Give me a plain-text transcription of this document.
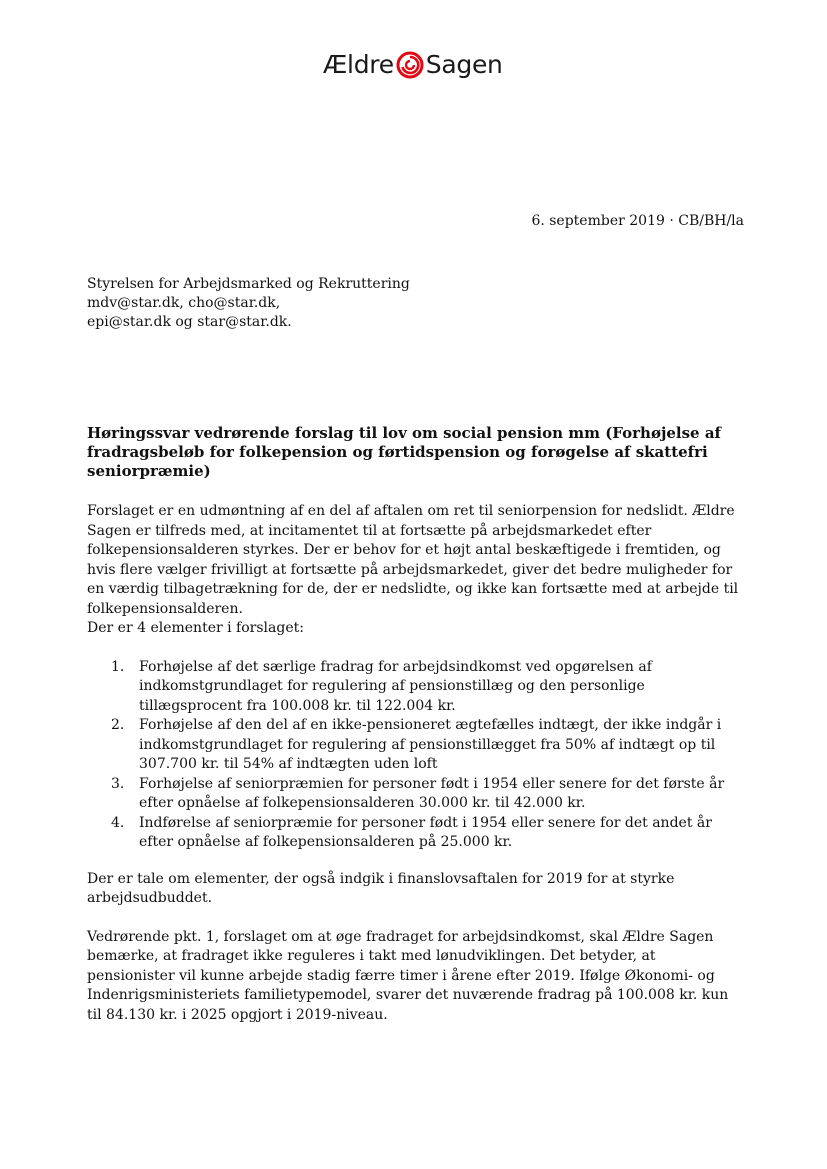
Ældre Sagen
6. september 2019 · CB/BH/la
Styrelsen for Arbejdsmarked og Rekruttering
mdv@star.dk, cho@star.dk,
epi@star.dk og star@star.dk.
Høringssvar vedrørende forslag til lov om social pension mm (Forhøjelse af fradragsbeløb for folkepension og førtidspension og forøgelse af skattefri seniorpræmie)

Forslaget er en udmøntning af en del af aftalen om ret til seniorpension for nedslidt. Ældre Sagen er tilfreds med, at incitamentet til at fortsætte på arbejdsmarkedet efter folkepensionsalderen styrkes. Der er behov for et højt antal beskæftigede i fremtiden, og hvis flere vælger frivilligt at fortsætte på arbejdsmarkedet, giver det bedre muligheder for en værdig tilbagetrækning for de, der er nedslidte, og ikke kan fortsætte med at arbejde til folkepensionsalderen.

Der er 4 elementer i forslaget:

1. Forhøjelse af det særlige fradrag for arbejdsindkomst ved opgørelsen af indkomstgrundlaget for regulering af pensionstillæg og den personlige tillægsprocent fra 100.008 kr. til 122.004 kr.
2. Forhøjelse af den del af en ikke-pensioneret ægtefælles indtægt, der ikke indgår i indkomstgrundlaget for regulering af pensionstillægget fra 50% af indtægt op til 307.700 kr. til 54% af indtægten uden loft
3. Forhøjelse af seniorpræmien for personer født i 1954 eller senere for det første år efter opnåelse af folkepensionsalderen 30.000 kr. til 42.000 kr.
4. Indførelse af seniorpræmie for personer født i 1954 eller senere for det andet år efter opnåelse af folkepensionsalderen på 25.000 kr.

Der er tale om elementer, der også indgik i finanslovsaftalen for 2019 for at styrke arbejdsudbuddet.

Vedrørende pkt. 1, forslaget om at øge fradraget for arbejdsindkomst, skal Ældre Sagen bemærke, at fradraget ikke reguleres i takt med lønudviklingen. Det betyder, at pensionister vil kunne arbejde stadig færre timer i årene efter 2019. Ifølge Økonomi- og Indenrigsministeriets familietypemodel, svarer det nuværende fradrag på 100.008 kr. kun til 84.130 kr. i 2025 opgjort i 2019-niveau.
